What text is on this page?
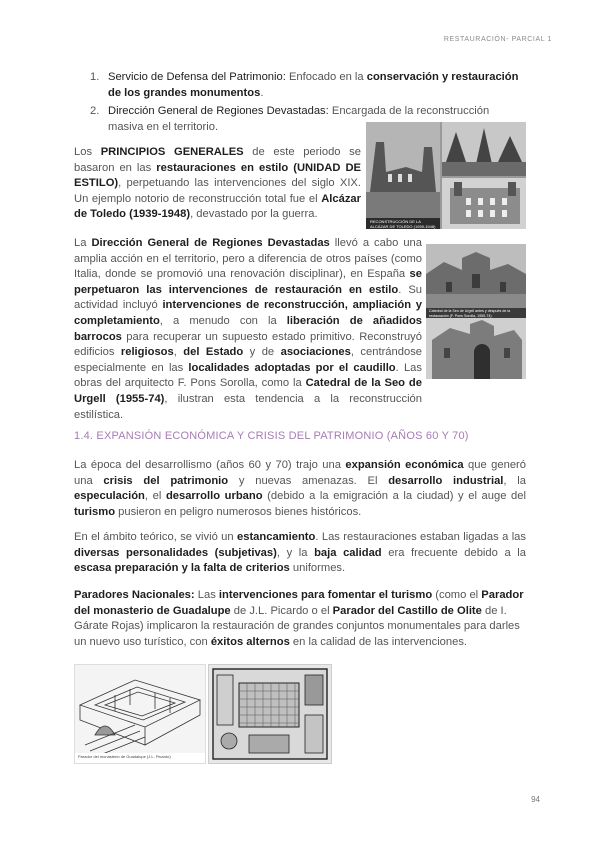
RESTAURACIÓN- PARCIAL 1
1. Servicio de Defensa del Patrimonio: Enfocado en la conservación y restauración de los grandes monumentos.
2. Dirección General de Regiones Devastadas: Encargada de la reconstrucción masiva en el territorio.
Los PRINCIPIOS GENERALES de este periodo se basaron en las restauraciones en estilo (UNIDAD DE ESTILO), perpetuando las intervenciones del siglo XIX. Un ejemplo notorio de reconstrucción total fue el Alcázar de Toledo (1939-1948), devastado por la guerra.
RECONSTRUCCIÓN DE LA ALCÁZAR DE TOLEDO (1939-1948)
La Dirección General de Regiones Devastadas llevó a cabo una amplia acción en el territorio, pero a diferencia de otros países (como Italia, donde se promovió una renovación disciplinar), en España se perpetuaron las intervenciones de restauración en estilo. Su actividad incluyó intervenciones de reconstrucción, ampliación y completamiento, a menudo con la liberación de añadidos barrocos para recuperar un supuesto estado primitivo. Reconstruyó edificios religiosos, del Estado y de asociaciones, centrándose especialmente en las localidades adoptadas por el caudillo. Las obras del arquitecto F. Pons Sorolla, como la Catedral de la Seo de Urgell (1955-74), ilustran esta tendencia a la reconstrucción estilística.
Catedral de la Seo de Urgell antes y después de la restauración (F. Pons Sorolla, 1955-74)
1.4. EXPANSIÓN ECONÓMICA Y CRISIS DEL PATRIMONIO (AÑOS 60 Y 70)
La época del desarrollismo (años 60 y 70) trajo una expansión económica que generó una crisis del patrimonio y nuevas amenazas. El desarrollo industrial, la especulación, el desarrollo urbano (debido a la emigración a la ciudad) y el auge del turismo pusieron en peligro numerosos bienes históricos.
En el ámbito teórico, se vivió un estancamiento. Las restauraciones estaban ligadas a las diversas personalidades (subjetivas), y la baja calidad era frecuente debido a la escasa preparación y la falta de criterios uniformes.
Paradores Nacionales: Las intervenciones para fomentar el turismo (como el Parador del monasterio de Guadalupe de J.L. Picardo o el Parador del Castillo de Olite de I. Gárate Rojas) implicaron la restauración de grandes conjuntos monumentales para darles un nuevo uso turístico, con éxitos alternos en la calidad de las intervenciones.
Parador del monasterio de Guadalupe (J.L. Picardo)
94
